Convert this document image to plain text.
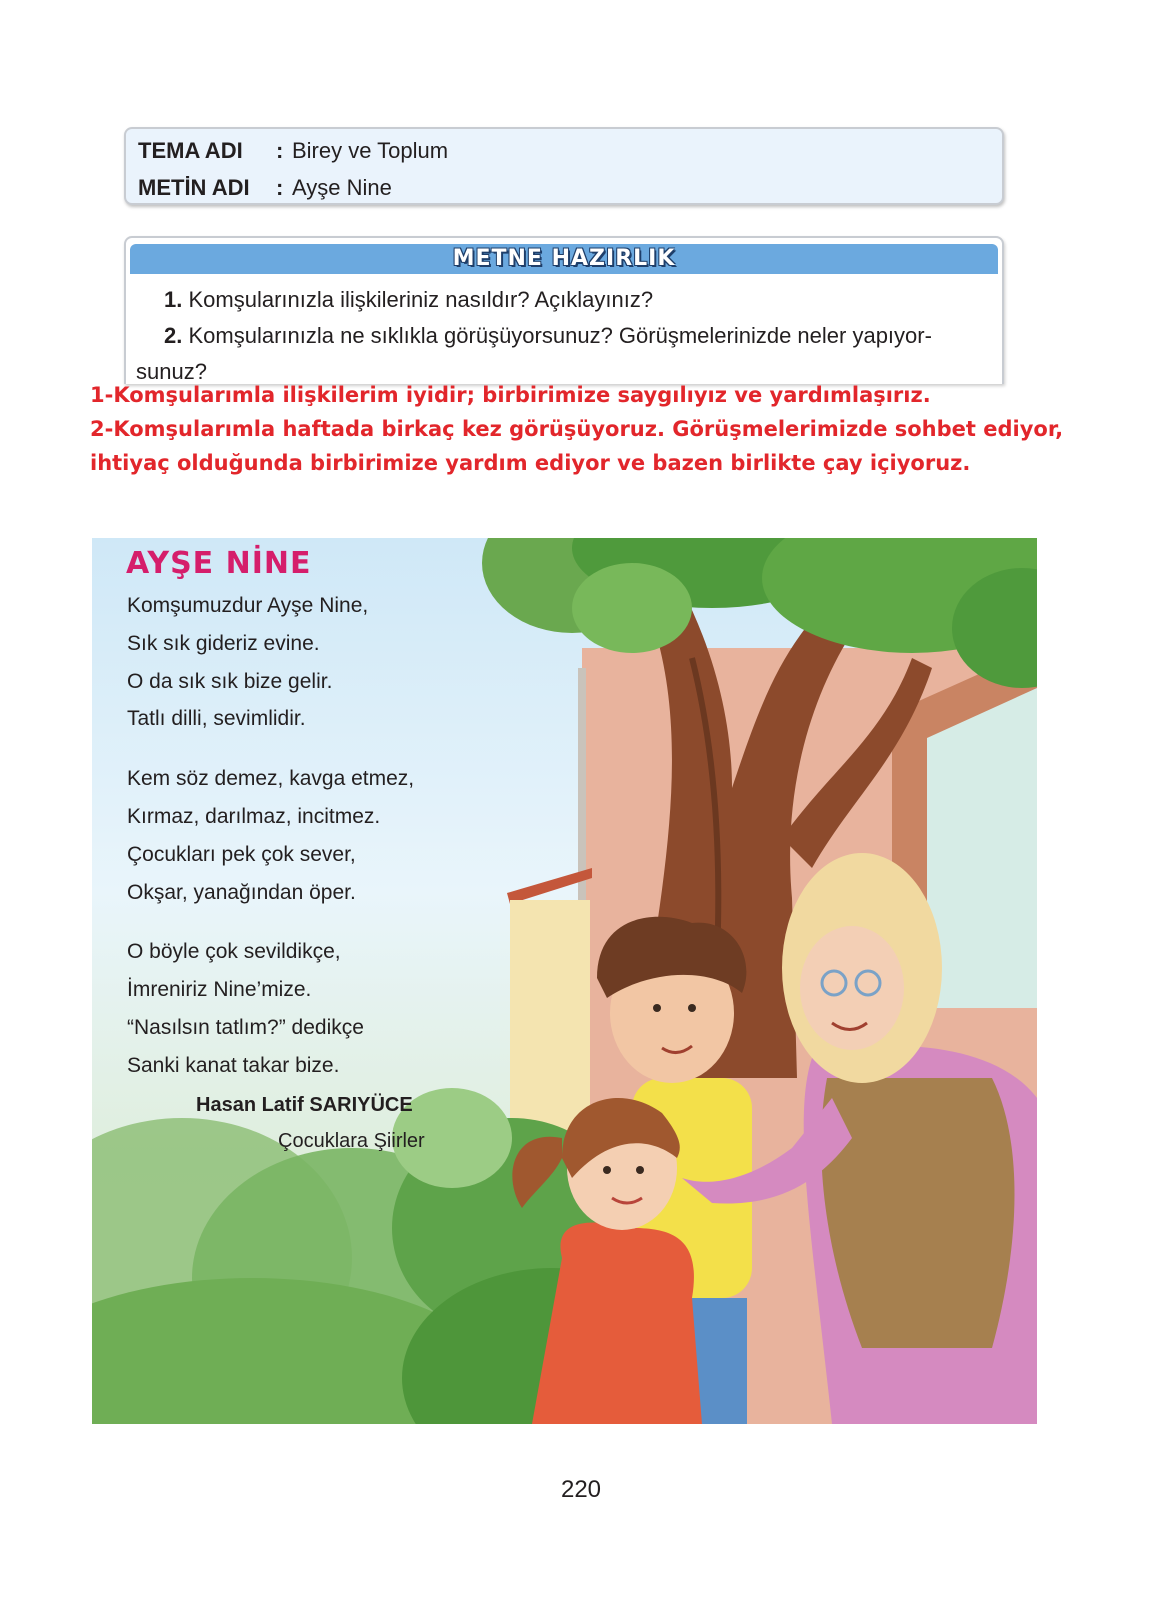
TEMA ADI : Birey ve Toplum
METİN ADI : Ayşe Nine
METNE HAZIRLIK
1. Komşularınızla ilişkileriniz nasıldır? Açıklayınız?
2. Komşularınızla ne sıklıkla görüşüyorsunuz? Görüşmelerinizde neler yapıyor-
sunuz?
1-Komşularımla ilişkilerim iyidir; birbirimize saygılıyız ve yardımlaşırız.
2-Komşularımla haftada birkaç kez görüşüyoruz. Görüşmelerimizde sohbet ediyor,
ihtiyaç olduğunda birbirimize yardım ediyor ve bazen birlikte çay içiyoruz.
AYŞE NİNE
Komşumuzdur Ayşe Nine,
Sık sık gideriz evine.
O da sık sık bize gelir.
Tatlı dilli, sevimlidir.
Kem söz demez, kavga etmez,
Kırmaz, darılmaz, incitmez.
Çocukları pek çok sever,
Okşar, yanağından öper.
O böyle çok sevildikçe,
İmreniriz Nine’mize.
“Nasılsın tatlım?” dedikçe
Sanki kanat takar bize.
Hasan Latif SARIYÜCE
Çocuklara Şiirler
220
